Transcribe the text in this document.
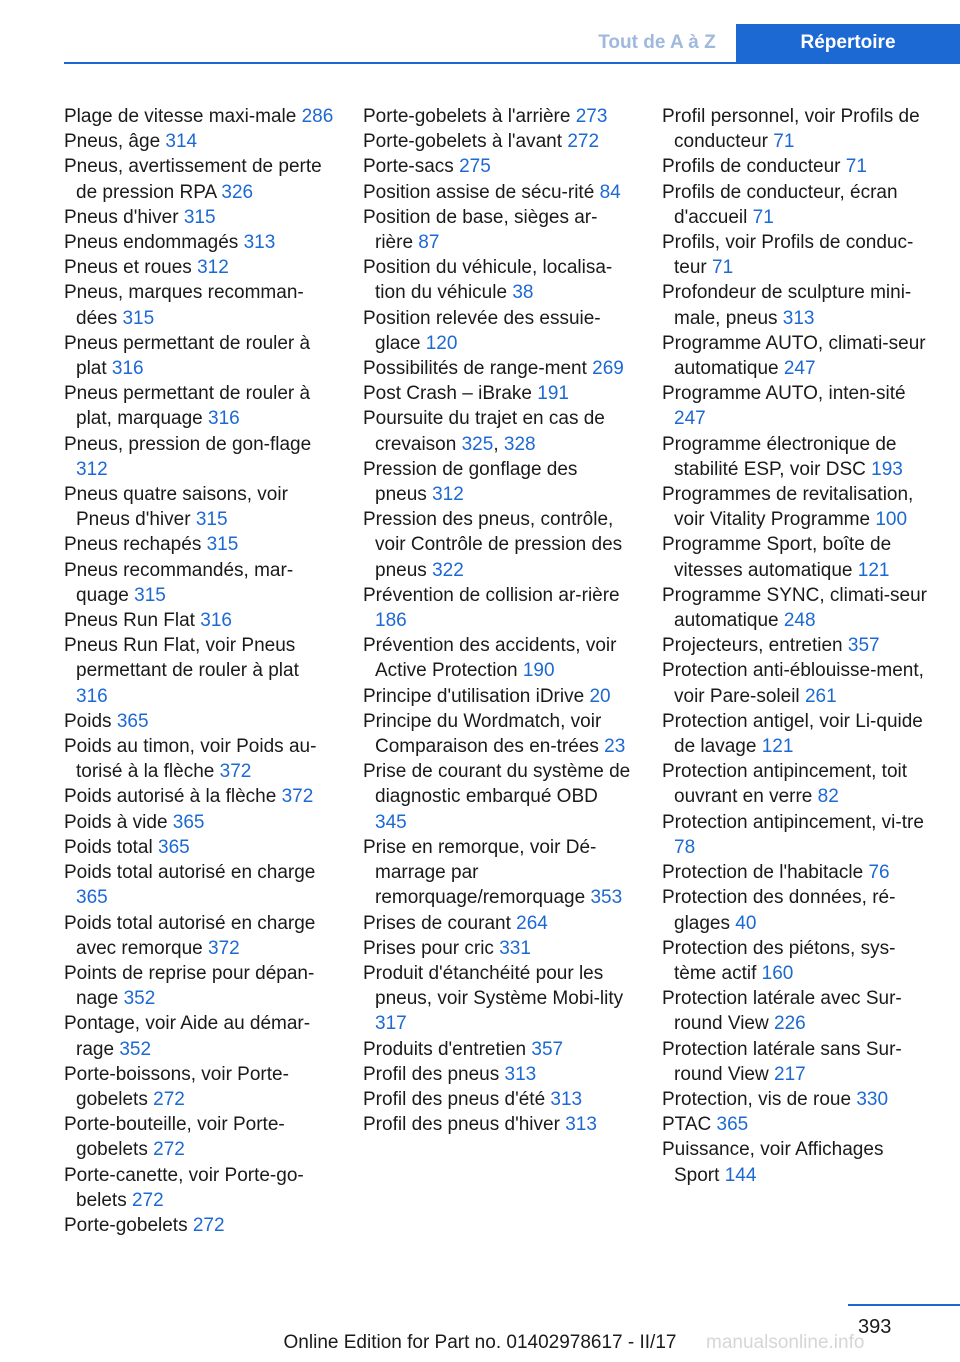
Tout de A à Z	Répertoire
Plage de vitesse maxi-male 286
Pneus, âge 314
Pneus, avertissement de perte de pression RPA 326
Pneus d'hiver 315
Pneus endommagés 313
Pneus et roues 312
Pneus, marques recomman-dées 315
Pneus permettant de rouler à plat 316
Pneus permettant de rouler à plat, marquage 316
Pneus, pression de gon-flage 312
Pneus quatre saisons, voir Pneus d'hiver 315
Pneus rechapés 315
Pneus recommandés, mar-quage 315
Pneus Run Flat 316
Pneus Run Flat, voir Pneus permettant de rouler à plat 316
Poids 365
Poids au timon, voir Poids au-torisé à la flèche 372
Poids autorisé à la flèche 372
Poids à vide 365
Poids total 365
Poids total autorisé en charge 365
Poids total autorisé en charge avec remorque 372
Points de reprise pour dépan-nage 352
Pontage, voir Aide au démar-rage 352
Porte-boissons, voir Porte-gobelets 272
Porte-bouteille, voir Porte-gobelets 272
Porte-canette, voir Porte-go-belets 272
Porte-gobelets 272
Porte-gobelets à l'arrière 273
Porte-gobelets à l'avant 272
Porte-sacs 275
Position assise de sécu-rité 84
Position de base, sièges ar-rière 87
Position du véhicule, localisa-tion du véhicule 38
Position relevée des essuie-glace 120
Possibilités de range-ment 269
Post Crash – iBrake 191
Poursuite du trajet en cas de crevaison 325, 328
Pression de gonflage des pneus 312
Pression des pneus, contrôle, voir Contrôle de pression des pneus 322
Prévention de collision ar-rière 186
Prévention des accidents, voir Active Protection 190
Principe d'utilisation iDrive 20
Principe du Wordmatch, voir Comparaison des en-trées 23
Prise de courant du système de diagnostic embarqué OBD 345
Prise en remorque, voir Dé-marrage par remorquage/remorquage 353
Prises de courant 264
Prises pour cric 331
Produit d'étanchéité pour les pneus, voir Système Mobi-lity 317
Produits d'entretien 357
Profil des pneus 313
Profil des pneus d'été 313
Profil des pneus d'hiver 313
Profil personnel, voir Profils de conducteur 71
Profils de conducteur 71
Profils de conducteur, écran d'accueil 71
Profils, voir Profils de conduc-teur 71
Profondeur de sculpture mini-male, pneus 313
Programme AUTO, climati-seur automatique 247
Programme AUTO, inten-sité 247
Programme électronique de stabilité ESP, voir DSC 193
Programmes de revitalisation, voir Vitality Programme 100
Programme Sport, boîte de vitesses automatique 121
Programme SYNC, climati-seur automatique 248
Projecteurs, entretien 357
Protection anti-éblouisse-ment, voir Pare-soleil 261
Protection antigel, voir Li-quide de lavage 121
Protection antipincement, toit ouvrant en verre 82
Protection antipincement, vi-tre 78
Protection de l'habitacle 76
Protection des données, ré-glages 40
Protection des piétons, sys-tème actif 160
Protection latérale avec Sur-round View 226
Protection latérale sans Sur-round View 217
Protection, vis de roue 330
PTAC 365
Puissance, voir Affichages Sport 144
393
Online Edition for Part no. 01402978617 - II/17	manualsonline.info
